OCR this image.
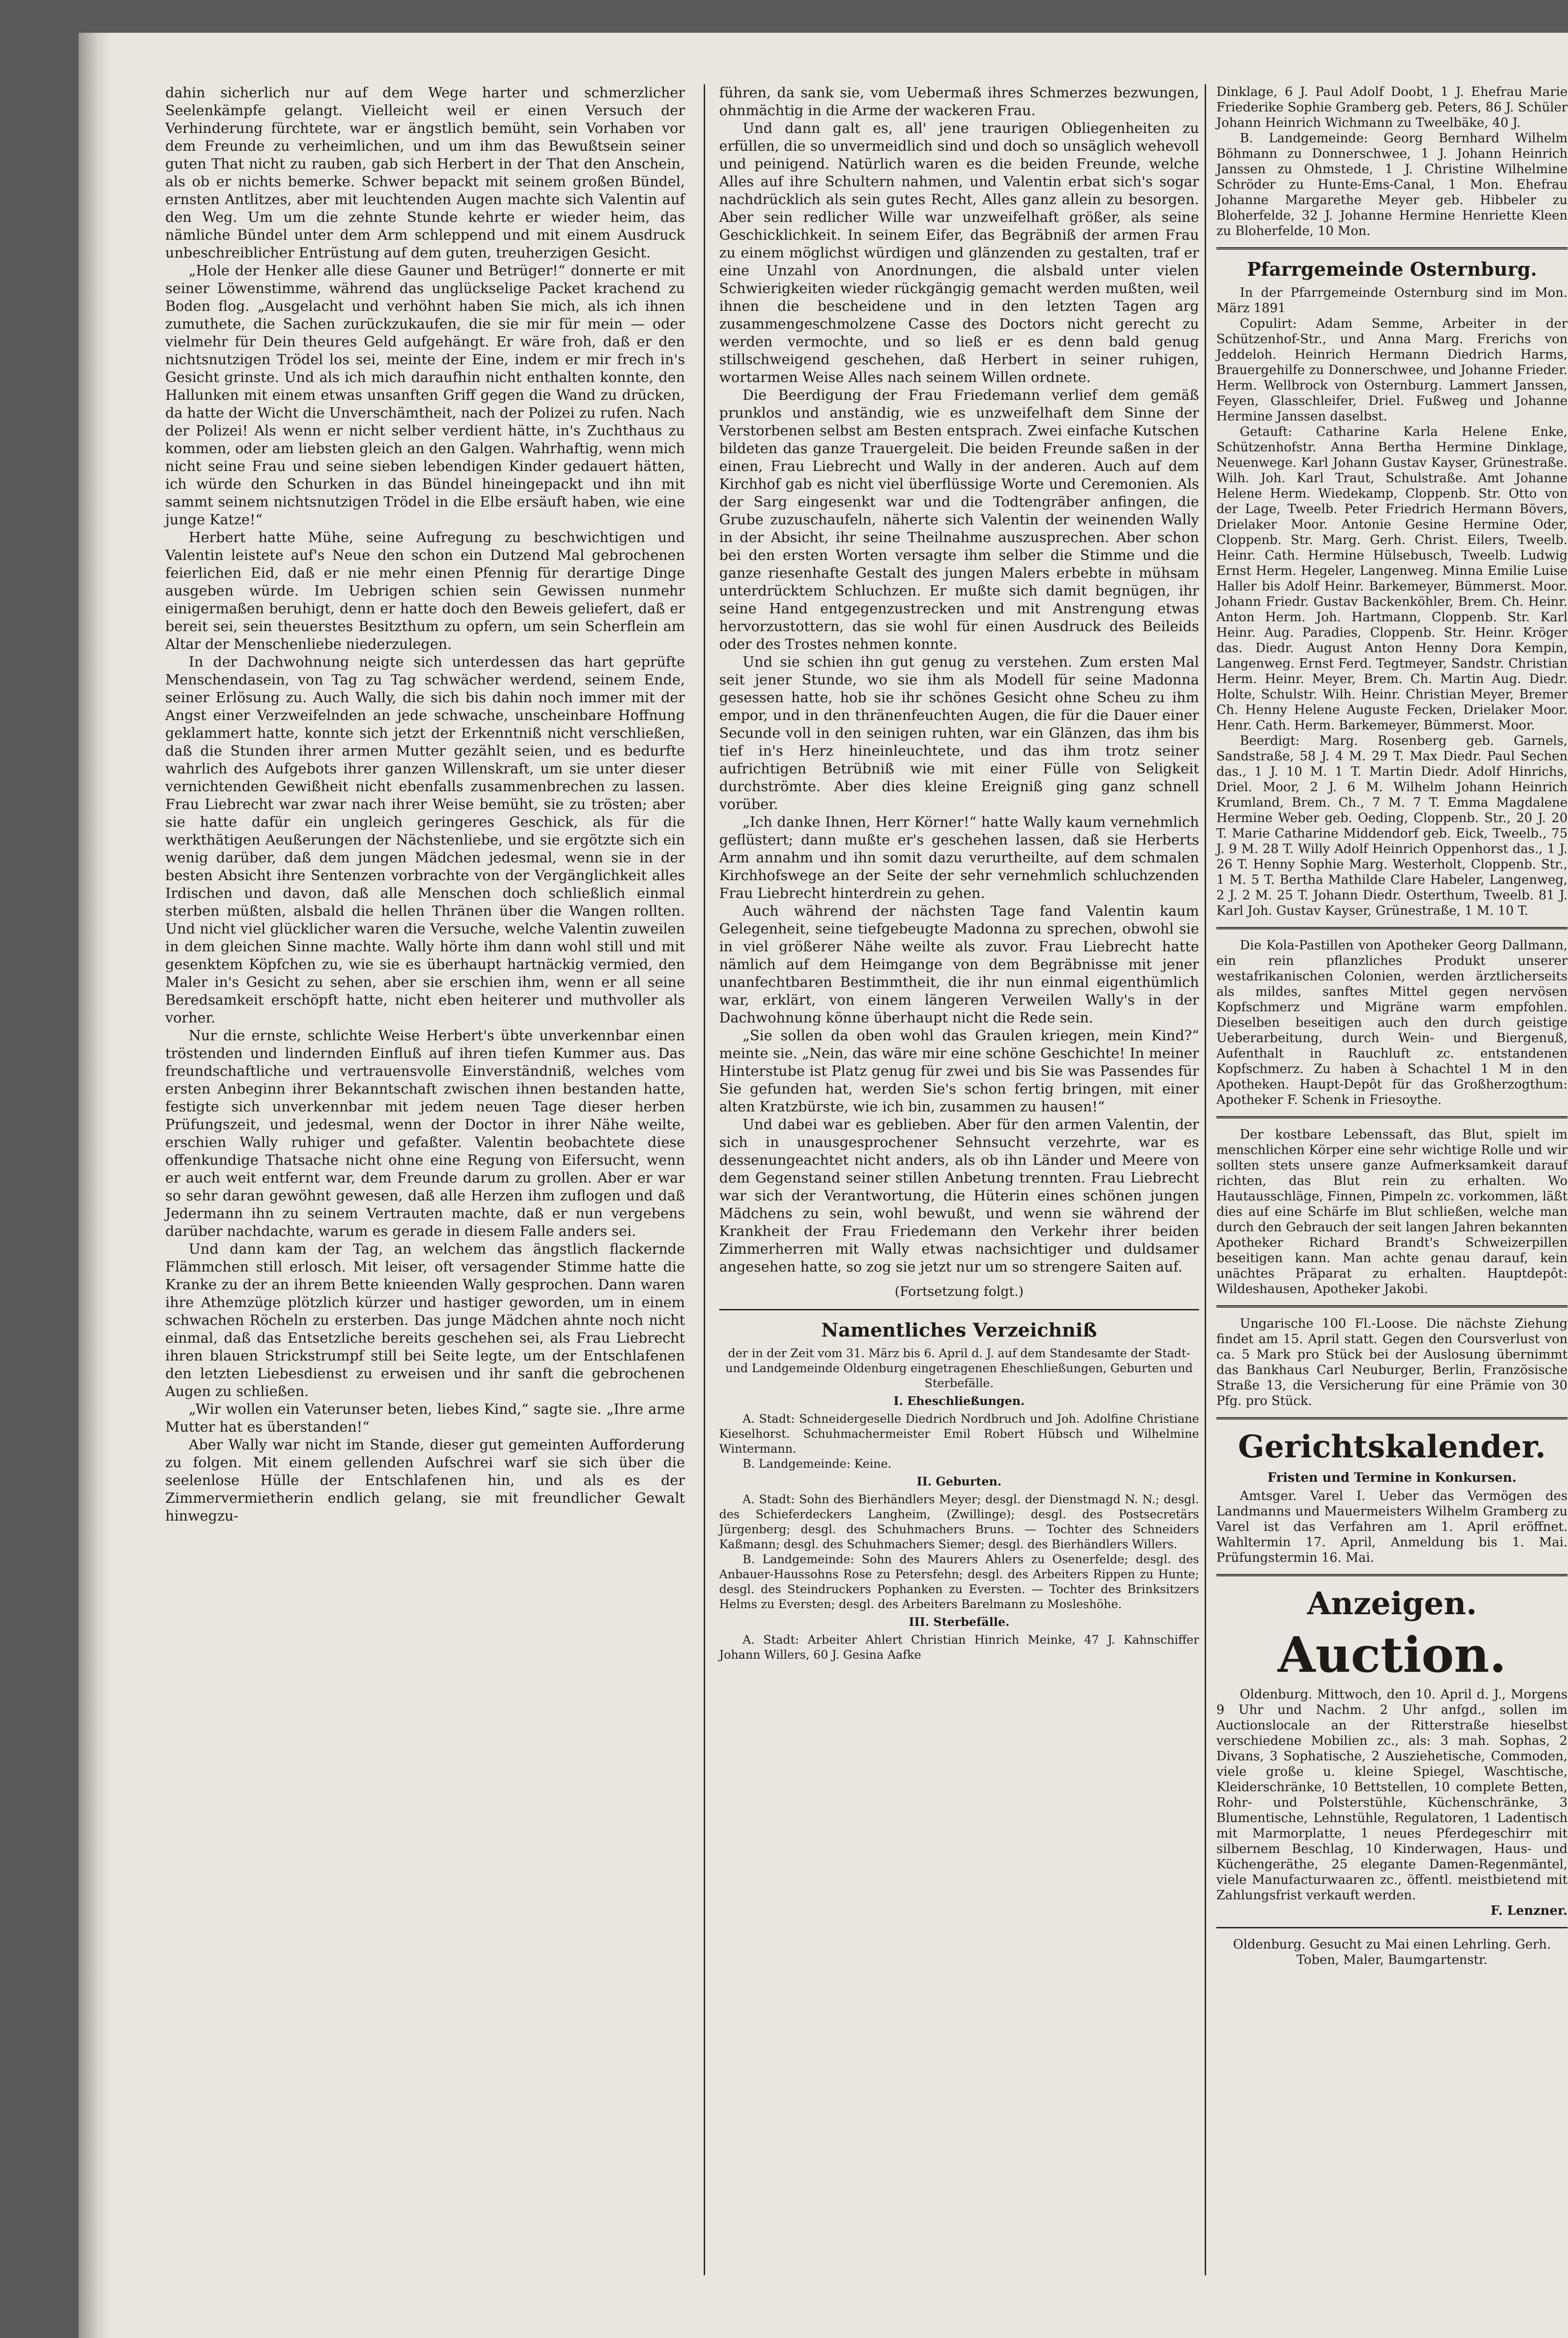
dahin sicherlich nur auf dem Wege harter und schmerzlicher Seelenkämpfe gelangt. Vielleicht weil er einen Versuch der Verhinderung fürchtete, war er ängstlich bemüht, sein Vorhaben vor dem Freunde zu verheimlichen, und um ihm das Bewußtsein seiner guten That nicht zu rauben, gab sich Herbert in der That den Anschein, als ob er nichts bemerke. Schwer bepackt mit seinem großen Bündel, ernsten Antlitzes, aber mit leuchtenden Augen machte sich Valentin auf den Weg. Um um die zehnte Stunde kehrte er wieder heim, das nämliche Bündel unter dem Arm schleppend und mit einem Ausdruck unbeschreiblicher Entrüstung auf dem guten, treuherzigen Gesicht.

„Hole der Henker alle diese Gauner und Betrüger!“ donnerte er mit seiner Löwenstimme, während das unglückselige Packet krachend zu Boden flog. „Ausgelacht und verhöhnt haben Sie mich, als ich ihnen zumuthete, die Sachen zurückzukaufen, die sie mir für mein — oder vielmehr für Dein theures Geld aufgehängt. Er wäre froh, daß er den nichtsnutzigen Trödel los sei, meinte der Eine, indem er mir frech in's Gesicht grinste. Und als ich mich daraufhin nicht enthalten konnte, den Hallunken mit einem etwas unsanften Griff gegen die Wand zu drücken, da hatte der Wicht die Unverschämtheit, nach der Polizei zu rufen. Nach der Polizei! Als wenn er nicht selber verdient hätte, in's Zuchthaus zu kommen, oder am liebsten gleich an den Galgen. Wahrhaftig, wenn mich nicht seine Frau und seine sieben lebendigen Kinder gedauert hätten, ich würde den Schurken in das Bündel hineingepackt und ihn mit sammt seinem nichtsnutzigen Trödel in die Elbe ersäuft haben, wie eine junge Katze!“

Herbert hatte Mühe, seine Aufregung zu beschwichtigen und Valentin leistete auf's Neue den schon ein Dutzend Mal gebrochenen feierlichen Eid, daß er nie mehr einen Pfennig für derartige Dinge ausgeben würde. Im Uebrigen schien sein Gewissen nunmehr einigermaßen beruhigt, denn er hatte doch den Beweis geliefert, daß er bereit sei, sein theuerstes Besitzthum zu opfern, um sein Scherflein am Altar der Menschenliebe niederzulegen.

In der Dachwohnung neigte sich unterdessen das hart geprüfte Menschendasein, von Tag zu Tag schwächer werdend, seinem Ende, seiner Erlösung zu. Auch Wally, die sich bis dahin noch immer mit der Angst einer Verzweifelnden an jede schwache, unscheinbare Hoffnung geklammert hatte, konnte sich jetzt der Erkenntniß nicht verschließen, daß die Stunden ihrer armen Mutter gezählt seien, und es bedurfte wahrlich des Aufgebots ihrer ganzen Willenskraft, um sie unter dieser vernichtenden Gewißheit nicht ebenfalls zusammenbrechen zu lassen. Frau Liebrecht war zwar nach ihrer Weise bemüht, sie zu trösten; aber sie hatte dafür ein ungleich geringeres Geschick, als für die werkthätigen Aeußerungen der Nächstenliebe, und sie ergötzte sich ein wenig darüber, daß dem jungen Mädchen jedesmal, wenn sie in der besten Absicht ihre Sentenzen vorbrachte von der Vergänglichkeit alles Irdischen und davon, daß alle Menschen doch schließlich einmal sterben müßten, alsbald die hellen Thränen über die Wangen rollten. Und nicht viel glücklicher waren die Versuche, welche Valentin zuweilen in dem gleichen Sinne machte. Wally hörte ihm dann wohl still und mit gesenktem Köpfchen zu, wie sie es überhaupt hartnäckig vermied, den Maler in's Gesicht zu sehen, aber sie erschien ihm, wenn er all seine Beredsamkeit erschöpft hatte, nicht eben heiterer und muthvoller als vorher.

Nur die ernste, schlichte Weise Herbert's übte unverkennbar einen tröstenden und lindernden Einfluß auf ihren tiefen Kummer aus. Das freundschaftliche und vertrauensvolle Einverständniß, welches vom ersten Anbeginn ihrer Bekanntschaft zwischen ihnen bestanden hatte, festigte sich unverkennbar mit jedem neuen Tage dieser herben Prüfungszeit, und jedesmal, wenn der Doctor in ihrer Nähe weilte, erschien Wally ruhiger und gefaßter. Valentin beobachtete diese offenkundige Thatsache nicht ohne eine Regung von Eifersucht, wenn er auch weit entfernt war, dem Freunde darum zu grollen. Aber er war so sehr daran gewöhnt gewesen, daß alle Herzen ihm zuflogen und daß Jedermann ihn zu seinem Vertrauten machte, daß er nun vergebens darüber nachdachte, warum es gerade in diesem Falle anders sei.

Und dann kam der Tag, an welchem das ängstlich flackernde Flämmchen still erlosch. Mit leiser, oft versagender Stimme hatte die Kranke zu der an ihrem Bette knieenden Wally gesprochen. Dann waren ihre Athemzüge plötzlich kürzer und hastiger geworden, um in einem schwachen Röcheln zu ersterben. Das junge Mädchen ahnte noch nicht einmal, daß das Entsetzliche bereits geschehen sei, als Frau Liebrecht ihren blauen Strickstrumpf still bei Seite legte, um der Entschlafenen den letzten Liebesdienst zu erweisen und ihr sanft die gebrochenen Augen zu schließen.

„Wir wollen ein Vaterunser beten, liebes Kind,“ sagte sie. „Ihre arme Mutter hat es überstanden!“

Aber Wally war nicht im Stande, dieser gut gemeinten Aufforderung zu folgen. Mit einem gellenden Aufschrei warf sie sich über die seelenlose Hülle der Entschlafenen hin, und als es der Zimmervermietherin endlich gelang, sie mit freundlicher Gewalt hinwegzu-

führen, da sank sie, vom Uebermaß ihres Schmerzes bezwungen, ohnmächtig in die Arme der wackeren Frau.

Und dann galt es, all' jene traurigen Obliegenheiten zu erfüllen, die so unvermeidlich sind und doch so unsäglich wehevoll und peinigend. Natürlich waren es die beiden Freunde, welche Alles auf ihre Schultern nahmen, und Valentin erbat sich's sogar nachdrücklich als sein gutes Recht, Alles ganz allein zu besorgen. Aber sein redlicher Wille war unzweifelhaft größer, als seine Geschicklichkeit. In seinem Eifer, das Begräbniß der armen Frau zu einem möglichst würdigen und glänzenden zu gestalten, traf er eine Unzahl von Anordnungen, die alsbald unter vielen Schwierigkeiten wieder rückgängig gemacht werden mußten, weil ihnen die bescheidene und in den letzten Tagen arg zusammengeschmolzene Casse des Doctors nicht gerecht zu werden vermochte, und so ließ er es denn bald genug stillschweigend geschehen, daß Herbert in seiner ruhigen, wortarmen Weise Alles nach seinem Willen ordnete.

Die Beerdigung der Frau Friedemann verlief dem gemäß prunklos und anständig, wie es unzweifelhaft dem Sinne der Verstorbenen selbst am Besten entsprach. Zwei einfache Kutschen bildeten das ganze Trauergeleit. Die beiden Freunde saßen in der einen, Frau Liebrecht und Wally in der anderen. Auch auf dem Kirchhof gab es nicht viel überflüssige Worte und Ceremonien. Als der Sarg eingesenkt war und die Todtengräber anfingen, die Grube zuzuschaufeln, näherte sich Valentin der weinenden Wally in der Absicht, ihr seine Theilnahme auszusprechen. Aber schon bei den ersten Worten versagte ihm selber die Stimme und die ganze riesenhafte Gestalt des jungen Malers erbebte in mühsam unterdrücktem Schluchzen. Er mußte sich damit begnügen, ihr seine Hand entgegenzustrecken und mit Anstrengung etwas hervorzustottern, das sie wohl für einen Ausdruck des Beileids oder des Trostes nehmen konnte.

Und sie schien ihn gut genug zu verstehen. Zum ersten Mal seit jener Stunde, wo sie ihm als Modell für seine Madonna gesessen hatte, hob sie ihr schönes Gesicht ohne Scheu zu ihm empor, und in den thränenfeuchten Augen, die für die Dauer einer Secunde voll in den seinigen ruhten, war ein Glänzen, das ihm bis tief in's Herz hineinleuchtete, und das ihm trotz seiner aufrichtigen Betrübniß wie mit einer Fülle von Seligkeit durchströmte. Aber dies kleine Ereigniß ging ganz schnell vorüber.

„Ich danke Ihnen, Herr Körner!“ hatte Wally kaum vernehmlich geflüstert; dann mußte er's geschehen lassen, daß sie Herberts Arm annahm und ihn somit dazu verurtheilte, auf dem schmalen Kirchhofswege an der Seite der sehr vernehmlich schluchzenden Frau Liebrecht hinterdrein zu gehen.

Auch während der nächsten Tage fand Valentin kaum Gelegenheit, seine tiefgebeugte Madonna zu sprechen, obwohl sie in viel größerer Nähe weilte als zuvor. Frau Liebrecht hatte nämlich auf dem Heimgange von dem Begräbnisse mit jener unanfechtbaren Bestimmtheit, die ihr nun einmal eigenthümlich war, erklärt, von einem längeren Verweilen Wally's in der Dachwohnung könne überhaupt nicht die Rede sein.

„Sie sollen da oben wohl das Graulen kriegen, mein Kind?“ meinte sie. „Nein, das wäre mir eine schöne Geschichte! In meiner Hinterstube ist Platz genug für zwei und bis Sie was Passendes für Sie gefunden hat, werden Sie's schon fertig bringen, mit einer alten Kratzbürste, wie ich bin, zusammen zu hausen!“

Und dabei war es geblieben. Aber für den armen Valentin, der sich in unausgesprochener Sehnsucht verzehrte, war es dessenungeachtet nicht anders, als ob ihn Länder und Meere von dem Gegenstand seiner stillen Anbetung trennten. Frau Liebrecht war sich der Verantwortung, die Hüterin eines schönen jungen Mädchens zu sein, wohl bewußt, und wenn sie während der Krankheit der Frau Friedemann den Verkehr ihrer beiden Zimmerherren mit Wally etwas nachsichtiger und duldsamer angesehen hatte, so zog sie jetzt nur um so strengere Saiten auf.

(Fortsetzung folgt.)
Namentliches Verzeichniß

der in der Zeit vom 31. März bis 6. April d. J. auf dem Standesamte der Stadt- und Landgemeinde Oldenburg eingetragenen Eheschließungen, Geburten und Sterbefälle.

I. Eheschließungen.

A. Stadt: Schneidergeselle Diedrich Nordbruch und Joh. Adolfine Christiane Kieselhorst. Schuhmachermeister Emil Robert Hübsch und Wilhelmine Wintermann.

B. Landgemeinde: Keine.

II. Geburten.

A. Stadt: Sohn des Bierhändlers Meyer; desgl. der Dienstmagd N. N.; desgl. des Schieferdeckers Langheim, (Zwillinge); desgl. des Postsecretärs Jürgenberg; desgl. des Schuhmachers Bruns. — Tochter des Schneiders Kaßmann; desgl. des Schuhmachers Siemer; desgl. des Bierhändlers Willers.

B. Landgemeinde: Sohn des Maurers Ahlers zu Osenerfelde; desgl. des Anbauer-Haussohns Rose zu Petersfehn; desgl. des Arbeiters Rippen zu Hunte; desgl. des Steindruckers Pophanken zu Eversten. — Tochter des Brinksitzers Helms zu Eversten; desgl. des Arbeiters Barelmann zu Mosleshöhe.

III. Sterbefälle.

A. Stadt: Arbeiter Ahlert Christian Hinrich Meinke, 47 J. Kahnschiffer Johann Willers, 60 J. Gesina Aafke

Dinklage, 6 J. Paul Adolf Doobt, 1 J. Ehefrau Marie Friederike Sophie Gramberg geb. Peters, 86 J. Schüler Johann Heinrich Wichmann zu Tweelbäke, 40 J.

B. Landgemeinde: Georg Bernhard Wilhelm Böhmann zu Donnerschwee, 1 J. Johann Heinrich Janssen zu Ohmstede, 1 J. Christine Wilhelmine Schröder zu Hunte-Ems-Canal, 1 Mon. Ehefrau Johanne Margarethe Meyer geb. Hibbeler zu Bloherfelde, 32 J. Johanne Hermine Henriette Kleen zu Bloherfelde, 10 Mon.

Pfarrgemeinde Osternburg.

In der Pfarrgemeinde Osternburg sind im Mon. März 1891

Copulirt: Adam Semme, Arbeiter in der Schützenhof-Str., und Anna Marg. Frerichs von Jeddeloh. Heinrich Hermann Diedrich Harms, Brauergehilfe zu Donnerschwee, und Johanne Frieder. Herm. Wellbrock von Osternburg. Lammert Janssen, Feyen, Glasschleifer, Driel. Fußweg und Johanne Hermine Janssen daselbst.

Getauft: Catharine Karla Helene Enke, Schützenhofstr. Anna Bertha Hermine Dinklage, Neuenwege. Karl Johann Gustav Kayser, Grünestraße. Wilh. Joh. Karl Traut, Schulstraße. Amt Johanne Helene Herm. Wiedekamp, Cloppenb. Str. Otto von der Lage, Tweelb. Peter Friedrich Hermann Bövers, Drielaker Moor. Antonie Gesine Hermine Oder, Cloppenb. Str. Marg. Gerh. Christ. Eilers, Tweelb. Heinr. Cath. Hermine Hülsebusch, Tweelb. Ludwig Ernst Herm. Hegeler, Langenweg. Minna Emilie Luise Haller bis Adolf Heinr. Barkemeyer, Bümmerst. Moor. Johann Friedr. Gustav Backenköhler, Brem. Ch. Heinr. Anton Herm. Joh. Hartmann, Cloppenb. Str. Karl Heinr. Aug. Paradies, Cloppenb. Str. Heinr. Kröger das. Diedr. August Anton Henny Dora Kempin, Langenweg. Ernst Ferd. Tegtmeyer, Sandstr. Christian Herm. Heinr. Meyer, Brem. Ch. Martin Aug. Diedr. Holte, Schulstr. Wilh. Heinr. Christian Meyer, Bremer Ch. Henny Helene Auguste Fecken, Drielaker Moor. Henr. Cath. Herm. Barkemeyer, Bümmerst. Moor.

Beerdigt: Marg. Rosenberg geb. Garnels, Sandstraße, 58 J. 4 M. 29 T. Max Diedr. Paul Sechen das., 1 J. 10 M. 1 T. Martin Diedr. Adolf Hinrichs, Driel. Moor, 2 J. 6 M. Wilhelm Johann Heinrich Krumland, Brem. Ch., 7 M. 7 T. Emma Magdalene Hermine Weber geb. Oeding, Cloppenb. Str., 20 J. 20 T. Marie Catharine Middendorf geb. Eick, Tweelb., 75 J. 9 M. 28 T. Willy Adolf Heinrich Oppenhorst das., 1 J. 26 T. Henny Sophie Marg. Westerholt, Cloppenb. Str., 1 M. 5 T. Bertha Mathilde Clare Habeler, Langenweg, 2 J. 2 M. 25 T. Johann Diedr. Osterthum, Tweelb. 81 J. Karl Joh. Gustav Kayser, Grünestraße, 1 M. 10 T.

Die Kola-Pastillen von Apotheker Georg Dallmann, ein rein pflanzliches Produkt unserer westafrikanischen Colonien, werden ärztlicherseits als mildes, sanftes Mittel gegen nervösen Kopfschmerz und Migräne warm empfohlen. Dieselben beseitigen auch den durch geistige Ueberarbeitung, durch Wein- und Biergenuß, Aufenthalt in Rauchluft zc. entstandenen Kopfschmerz. Zu haben à Schachtel 1 M in den Apotheken. Haupt-Depôt für das Großherzogthum: Apotheker F. Schenk in Friesoythe.

Der kostbare Lebenssaft, das Blut, spielt im menschlichen Körper eine sehr wichtige Rolle und wir sollten stets unsere ganze Aufmerksamkeit darauf richten, das Blut rein zu erhalten. Wo Hautausschläge, Finnen, Pimpeln zc. vorkommen, läßt dies auf eine Schärfe im Blut schließen, welche man durch den Gebrauch der seit langen Jahren bekannten Apotheker Richard Brandt's Schweizerpillen beseitigen kann. Man achte genau darauf, kein unächtes Präparat zu erhalten. Hauptdepôt: Wildeshausen, Apotheker Jakobi.

Ungarische 100 Fl.-Loose. Die nächste Ziehung findet am 15. April statt. Gegen den Coursverlust von ca. 5 Mark pro Stück bei der Auslosung übernimmt das Bankhaus Carl Neuburger, Berlin, Französische Straße 13, die Versicherung für eine Prämie von 30 Pfg. pro Stück.

Gerichtskalender.
Fristen und Termine in Konkursen.

Amtsger. Varel I. Ueber das Vermögen des Landmanns und Mauermeisters Wilhelm Gramberg zu Varel ist das Verfahren am 1. April eröffnet. Wahltermin 17. April, Anmeldung bis 1. Mai. Prüfungstermin 16. Mai.

Anzeigen.
Auction.

Oldenburg. Mittwoch, den 10. April d. J., Morgens 9 Uhr und Nachm. 2 Uhr anfgd., sollen im Auctionslocale an der Ritterstraße hieselbst verschiedene Mobilien zc., als: 3 mah. Sophas, 2 Divans, 3 Sophatische, 2 Ausziehetische, Commoden, viele große u. kleine Spiegel, Waschtische, Kleiderschränke, 10 Bettstellen, 10 complete Betten, Rohr- und Polsterstühle, Küchenschränke, 3 Blumentische, Lehnstühle, Regulatoren, 1 Ladentisch mit Marmorplatte, 1 neues Pferdegeschirr mit silbernem Beschlag, 10 Kinderwagen, Haus- und Küchengeräthe, 25 elegante Damen-Regenmäntel, viele Manufacturwaaren zc., öffentl. meistbietend mit Zahlungsfrist verkauft werden.

F. Lenzner.

Oldenburg. Gesucht zu Mai einen Lehrling. Gerh. Toben, Maler, Baumgartenstr.
